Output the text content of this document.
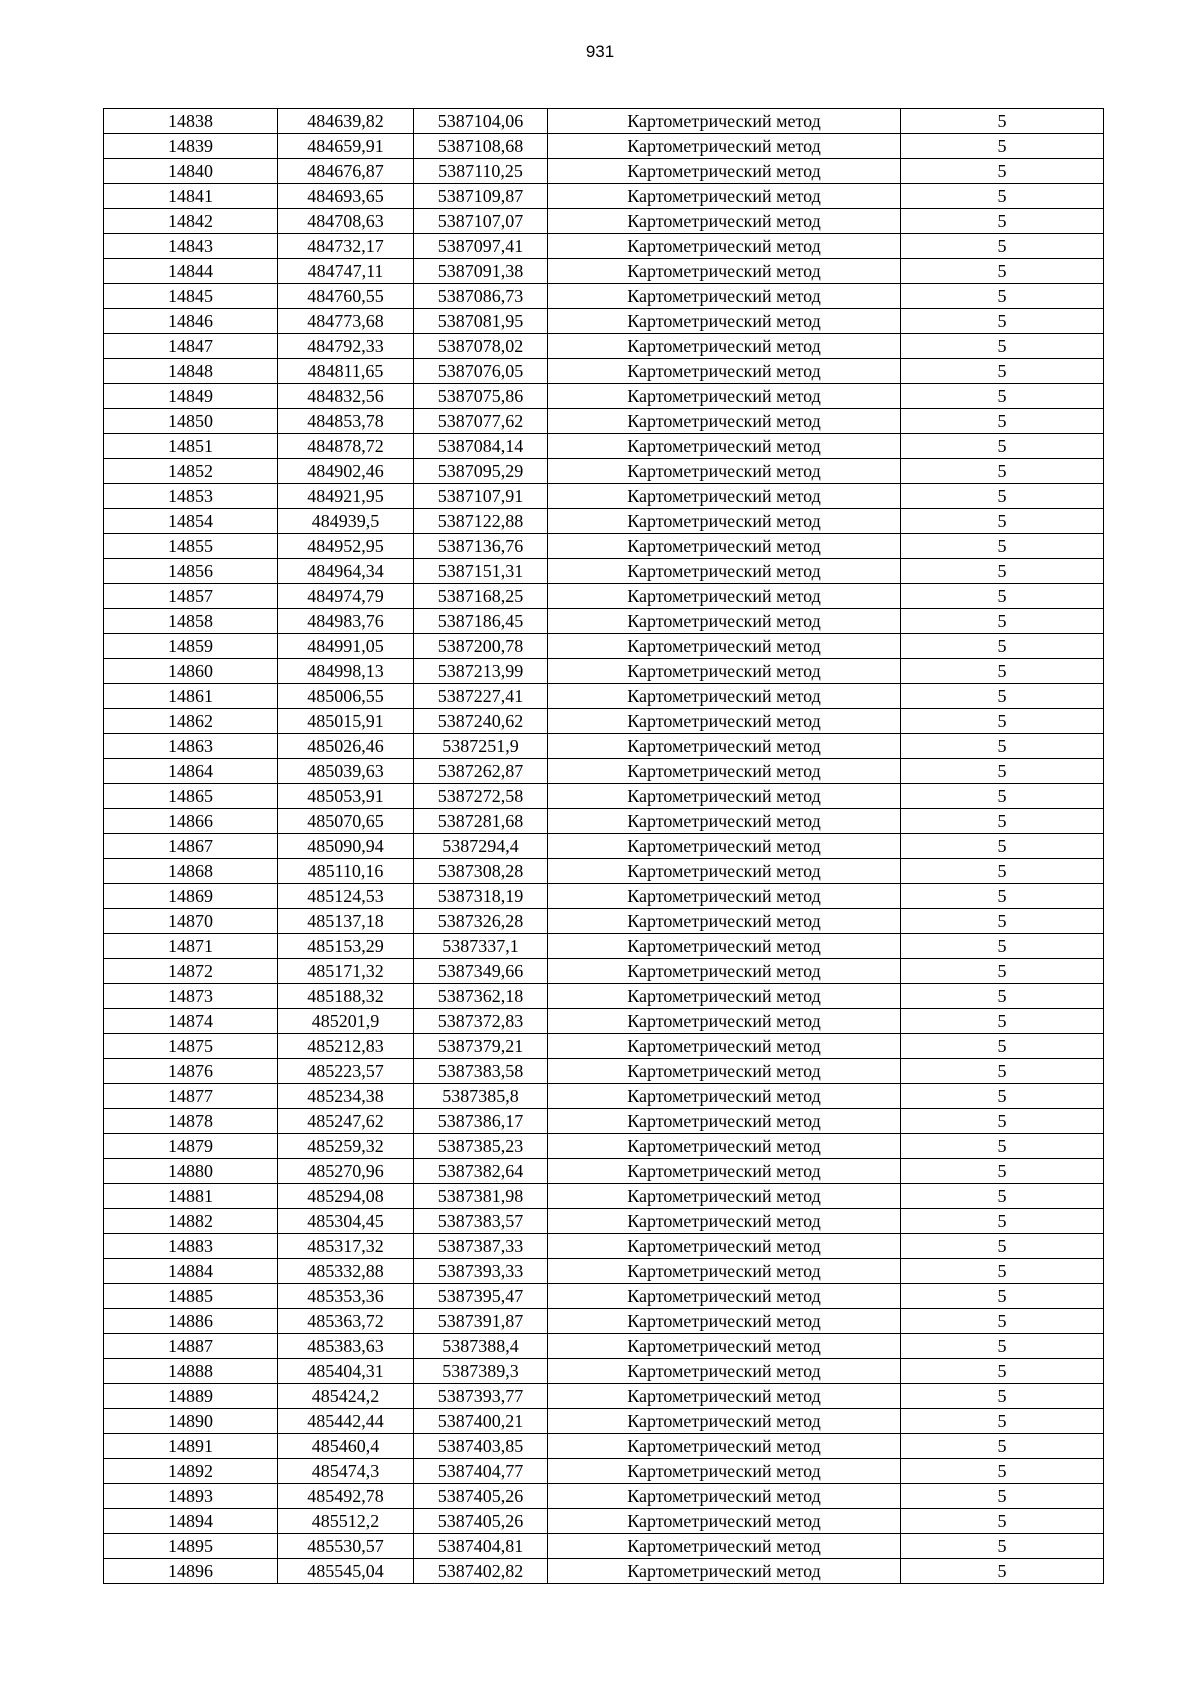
931
14838	484639,82	5387104,06	Картометрический метод	5
14839	484659,91	5387108,68	Картометрический метод	5
14840	484676,87	5387110,25	Картометрический метод	5
14841	484693,65	5387109,87	Картометрический метод	5
14842	484708,63	5387107,07	Картометрический метод	5
14843	484732,17	5387097,41	Картометрический метод	5
14844	484747,11	5387091,38	Картометрический метод	5
14845	484760,55	5387086,73	Картометрический метод	5
14846	484773,68	5387081,95	Картометрический метод	5
14847	484792,33	5387078,02	Картометрический метод	5
14848	484811,65	5387076,05	Картометрический метод	5
14849	484832,56	5387075,86	Картометрический метод	5
14850	484853,78	5387077,62	Картометрический метод	5
14851	484878,72	5387084,14	Картометрический метод	5
14852	484902,46	5387095,29	Картометрический метод	5
14853	484921,95	5387107,91	Картометрический метод	5
14854	484939,5	5387122,88	Картометрический метод	5
14855	484952,95	5387136,76	Картометрический метод	5
14856	484964,34	5387151,31	Картометрический метод	5
14857	484974,79	5387168,25	Картометрический метод	5
14858	484983,76	5387186,45	Картометрический метод	5
14859	484991,05	5387200,78	Картометрический метод	5
14860	484998,13	5387213,99	Картометрический метод	5
14861	485006,55	5387227,41	Картометрический метод	5
14862	485015,91	5387240,62	Картометрический метод	5
14863	485026,46	5387251,9	Картометрический метод	5
14864	485039,63	5387262,87	Картометрический метод	5
14865	485053,91	5387272,58	Картометрический метод	5
14866	485070,65	5387281,68	Картометрический метод	5
14867	485090,94	5387294,4	Картометрический метод	5
14868	485110,16	5387308,28	Картометрический метод	5
14869	485124,53	5387318,19	Картометрический метод	5
14870	485137,18	5387326,28	Картометрический метод	5
14871	485153,29	5387337,1	Картометрический метод	5
14872	485171,32	5387349,66	Картометрический метод	5
14873	485188,32	5387362,18	Картометрический метод	5
14874	485201,9	5387372,83	Картометрический метод	5
14875	485212,83	5387379,21	Картометрический метод	5
14876	485223,57	5387383,58	Картометрический метод	5
14877	485234,38	5387385,8	Картометрический метод	5
14878	485247,62	5387386,17	Картометрический метод	5
14879	485259,32	5387385,23	Картометрический метод	5
14880	485270,96	5387382,64	Картометрический метод	5
14881	485294,08	5387381,98	Картометрический метод	5
14882	485304,45	5387383,57	Картометрический метод	5
14883	485317,32	5387387,33	Картометрический метод	5
14884	485332,88	5387393,33	Картометрический метод	5
14885	485353,36	5387395,47	Картометрический метод	5
14886	485363,72	5387391,87	Картометрический метод	5
14887	485383,63	5387388,4	Картометрический метод	5
14888	485404,31	5387389,3	Картометрический метод	5
14889	485424,2	5387393,77	Картометрический метод	5
14890	485442,44	5387400,21	Картометрический метод	5
14891	485460,4	5387403,85	Картометрический метод	5
14892	485474,3	5387404,77	Картометрический метод	5
14893	485492,78	5387405,26	Картометрический метод	5
14894	485512,2	5387405,26	Картометрический метод	5
14895	485530,57	5387404,81	Картометрический метод	5
14896	485545,04	5387402,82	Картометрический метод	5
